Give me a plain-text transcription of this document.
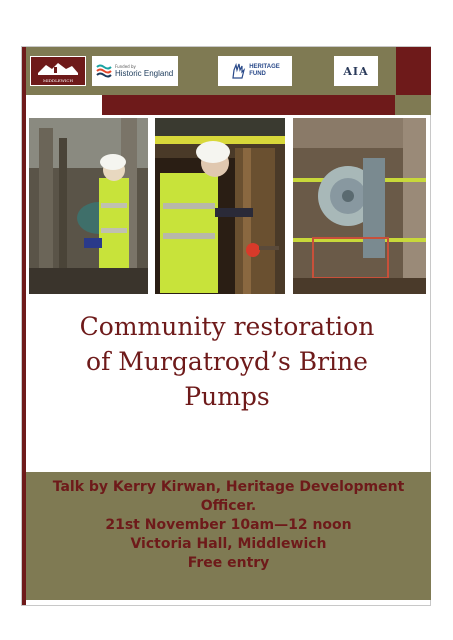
MIDDLEWICH
Funded by
Historic England
HERITAGE
FUND	AIA
Community restoration
of Murgatroyd’s Brine
Pumps

Talk by Kerry Kirwan, Heritage Development

Officer.

21st November 10am—12 noon

Victoria Hall, Middlewich

Free entry
